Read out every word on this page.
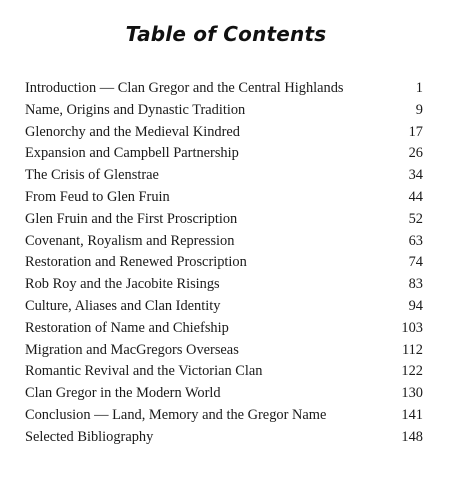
Table of Contents
Introduction — Clan Gregor and the Central Highlands	1
Name, Origins and Dynastic Tradition	9
Glenorchy and the Medieval Kindred	17
Expansion and Campbell Partnership	26
The Crisis of Glenstrae	34
From Feud to Glen Fruin	44
Glen Fruin and the First Proscription	52
Covenant, Royalism and Repression	63
Restoration and Renewed Proscription	74
Rob Roy and the Jacobite Risings	83
Culture, Aliases and Clan Identity	94
Restoration of Name and Chiefship	103
Migration and MacGregors Overseas	112
Romantic Revival and the Victorian Clan	122
Clan Gregor in the Modern World	130
Conclusion — Land, Memory and the Gregor Name	141
Selected Bibliography	148
